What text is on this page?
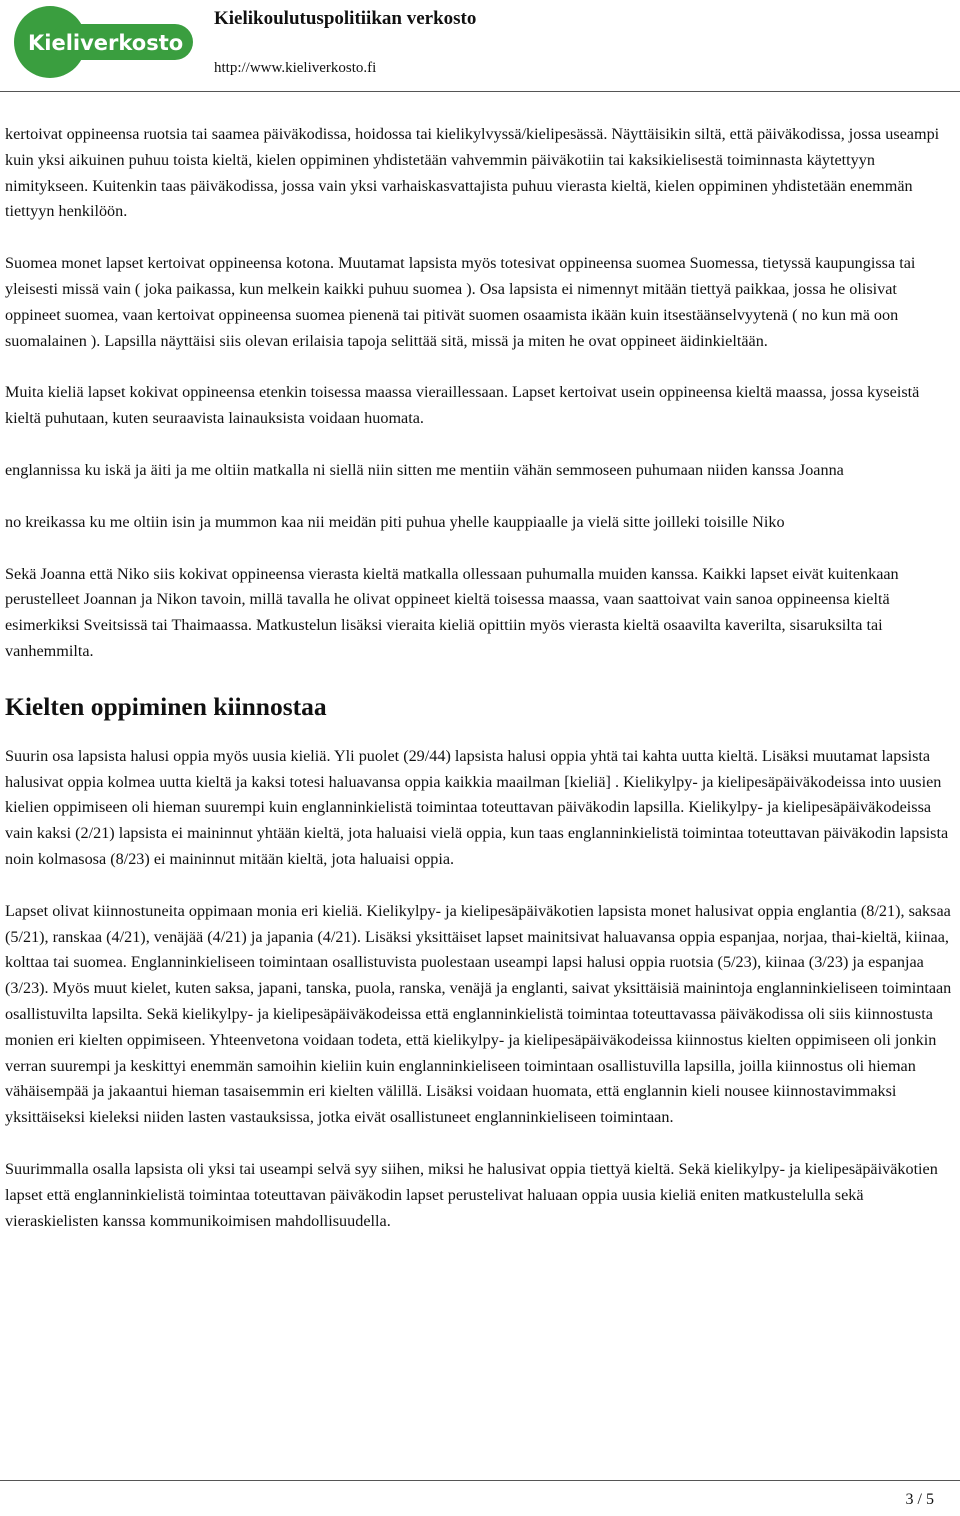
Kieliverkosto
Kielikoulutuspolitiikan verkosto
http://www.kieliverkosto.fi

kertoivat oppineensa ruotsia tai saamea päiväkodissa, hoidossa tai kielikylvyssä/kielipesässä. Näyttäisikin siltä, että päiväkodissa, jossa useampi kuin yksi aikuinen puhuu toista kieltä, kielen oppiminen yhdistetään vahvemmin päiväkotiin tai kaksikielisestä toiminnasta käytettyyn nimitykseen. Kuitenkin taas päiväkodissa, jossa vain yksi varhaiskasvattajista puhuu vierasta kieltä, kielen oppiminen yhdistetään enemmän tiettyyn henkilöön.

Suomea monet lapset kertoivat oppineensa kotona. Muutamat lapsista myös totesivat oppineensa suomea Suomessa, tietyssä kaupungissa tai yleisesti missä vain ( joka paikassa, kun melkein kaikki puhuu suomea ). Osa lapsista ei nimennyt mitään tiettyä paikkaa, jossa he olisivat oppineet suomea, vaan kertoivat oppineensa suomea pienenä tai pitivät suomen osaamista ikään kuin itsestäänselvyytenä ( no kun mä oon suomalainen ). Lapsilla näyttäisi siis olevan erilaisia tapoja selittää sitä, missä ja miten he ovat oppineet äidinkieltään.

Muita kieliä lapset kokivat oppineensa etenkin toisessa maassa vieraillessaan. Lapset kertoivat usein oppineensa kieltä maassa, jossa kyseistä kieltä puhutaan, kuten seuraavista lainauksista voidaan huomata.

englannissa ku iskä ja äiti ja me oltiin matkalla ni siellä niin sitten me mentiin vähän semmoseen puhumaan niiden kanssa Joanna

no kreikassa ku me oltiin isin ja mummon kaa nii meidän piti puhua yhelle kauppiaalle ja vielä sitte joilleki toisille Niko

Sekä Joanna että Niko siis kokivat oppineensa vierasta kieltä matkalla ollessaan puhumalla muiden kanssa. Kaikki lapset eivät kuitenkaan perustelleet Joannan ja Nikon tavoin, millä tavalla he olivat oppineet kieltä toisessa maassa, vaan saattoivat vain sanoa oppineensa kieltä esimerkiksi Sveitsissä tai Thaimaassa. Matkustelun lisäksi vieraita kieliä opittiin myös vierasta kieltä osaavilta kaverilta, sisaruksilta tai vanhemmilta.

Kielten oppiminen kiinnostaa

Suurin osa lapsista halusi oppia myös uusia kieliä. Yli puolet (29/44) lapsista halusi oppia yhtä tai kahta uutta kieltä. Lisäksi muutamat lapsista halusivat oppia kolmea uutta kieltä ja kaksi totesi haluavansa oppia kaikkia maailman [kieliä] . Kielikylpy- ja kielipesäpäiväkodeissa into uusien kielien oppimiseen oli hieman suurempi kuin englanninkielistä toimintaa toteuttavan päiväkodin lapsilla. Kielikylpy- ja kielipesäpäiväkodeissa vain kaksi (2/21) lapsista ei maininnut yhtään kieltä, jota haluaisi vielä oppia, kun taas englanninkielistä toimintaa toteuttavan päiväkodin lapsista noin kolmasosa (8/23) ei maininnut mitään kieltä, jota haluaisi oppia.

Lapset olivat kiinnostuneita oppimaan monia eri kieliä. Kielikylpy- ja kielipesäpäiväkotien lapsista monet halusivat oppia englantia (8/21), saksaa (5/21), ranskaa (4/21), venäjää (4/21) ja japania (4/21). Lisäksi yksittäiset lapset mainitsivat haluavansa oppia espanjaa, norjaa, thai-kieltä, kiinaa, kolttaa tai suomea. Englanninkieliseen toimintaan osallistuvista puolestaan useampi lapsi halusi oppia ruotsia (5/23), kiinaa (3/23) ja espanjaa (3/23). Myös muut kielet, kuten saksa, japani, tanska, puola, ranska, venäjä ja englanti, saivat yksittäisiä mainintoja englanninkieliseen toimintaan osallistuvilta lapsilta. Sekä kielikylpy- ja kielipesäpäiväkodeissa että englanninkielistä toimintaa toteuttavassa päiväkodissa oli siis kiinnostusta monien eri kielten oppimiseen. Yhteenvetona voidaan todeta, että kielikylpy- ja kielipesäpäiväkodeissa kiinnostus kielten oppimiseen oli jonkin verran suurempi ja keskittyi enemmän samoihin kieliin kuin englanninkieliseen toimintaan osallistuvilla lapsilla, joilla kiinnostus oli hieman vähäisempää ja jakaantui hieman tasaisemmin eri kielten välillä. Lisäksi voidaan huomata, että englannin kieli nousee kiinnostavimmaksi yksittäiseksi kieleksi niiden lasten vastauksissa, jotka eivät osallistuneet englanninkieliseen toimintaan.

Suurimmalla osalla lapsista oli yksi tai useampi selvä syy siihen, miksi he halusivat oppia tiettyä kieltä. Sekä kielikylpy- ja kielipesäpäiväkotien lapset että englanninkielistä toimintaa toteuttavan päiväkodin lapset perustelivat haluaan oppia uusia kieliä eniten matkustelulla sekä vieraskielisten kanssa kommunikoimisen mahdollisuudella.

3 / 5
